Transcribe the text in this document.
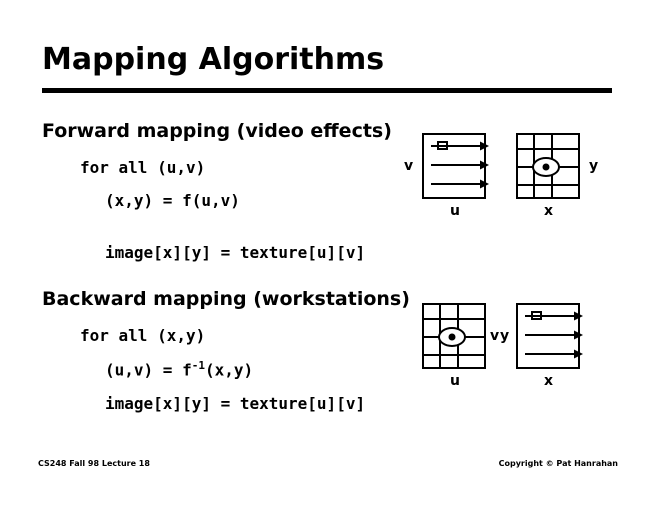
Mapping Algorithms
Forward mapping (video effects)
for all (u,v)
(x,y) = f(u,v)
image[x][y] = texture[u][v]
v
u
y
x
Backward mapping (workstations)
for all (x,y)
$(u,v) = f^{-1}(x,y)$
image[x][y] = texture[u][v]
u
v y
x
CS248 Fall 98 Lecture 18	Copyright © Pat Hanrahan
